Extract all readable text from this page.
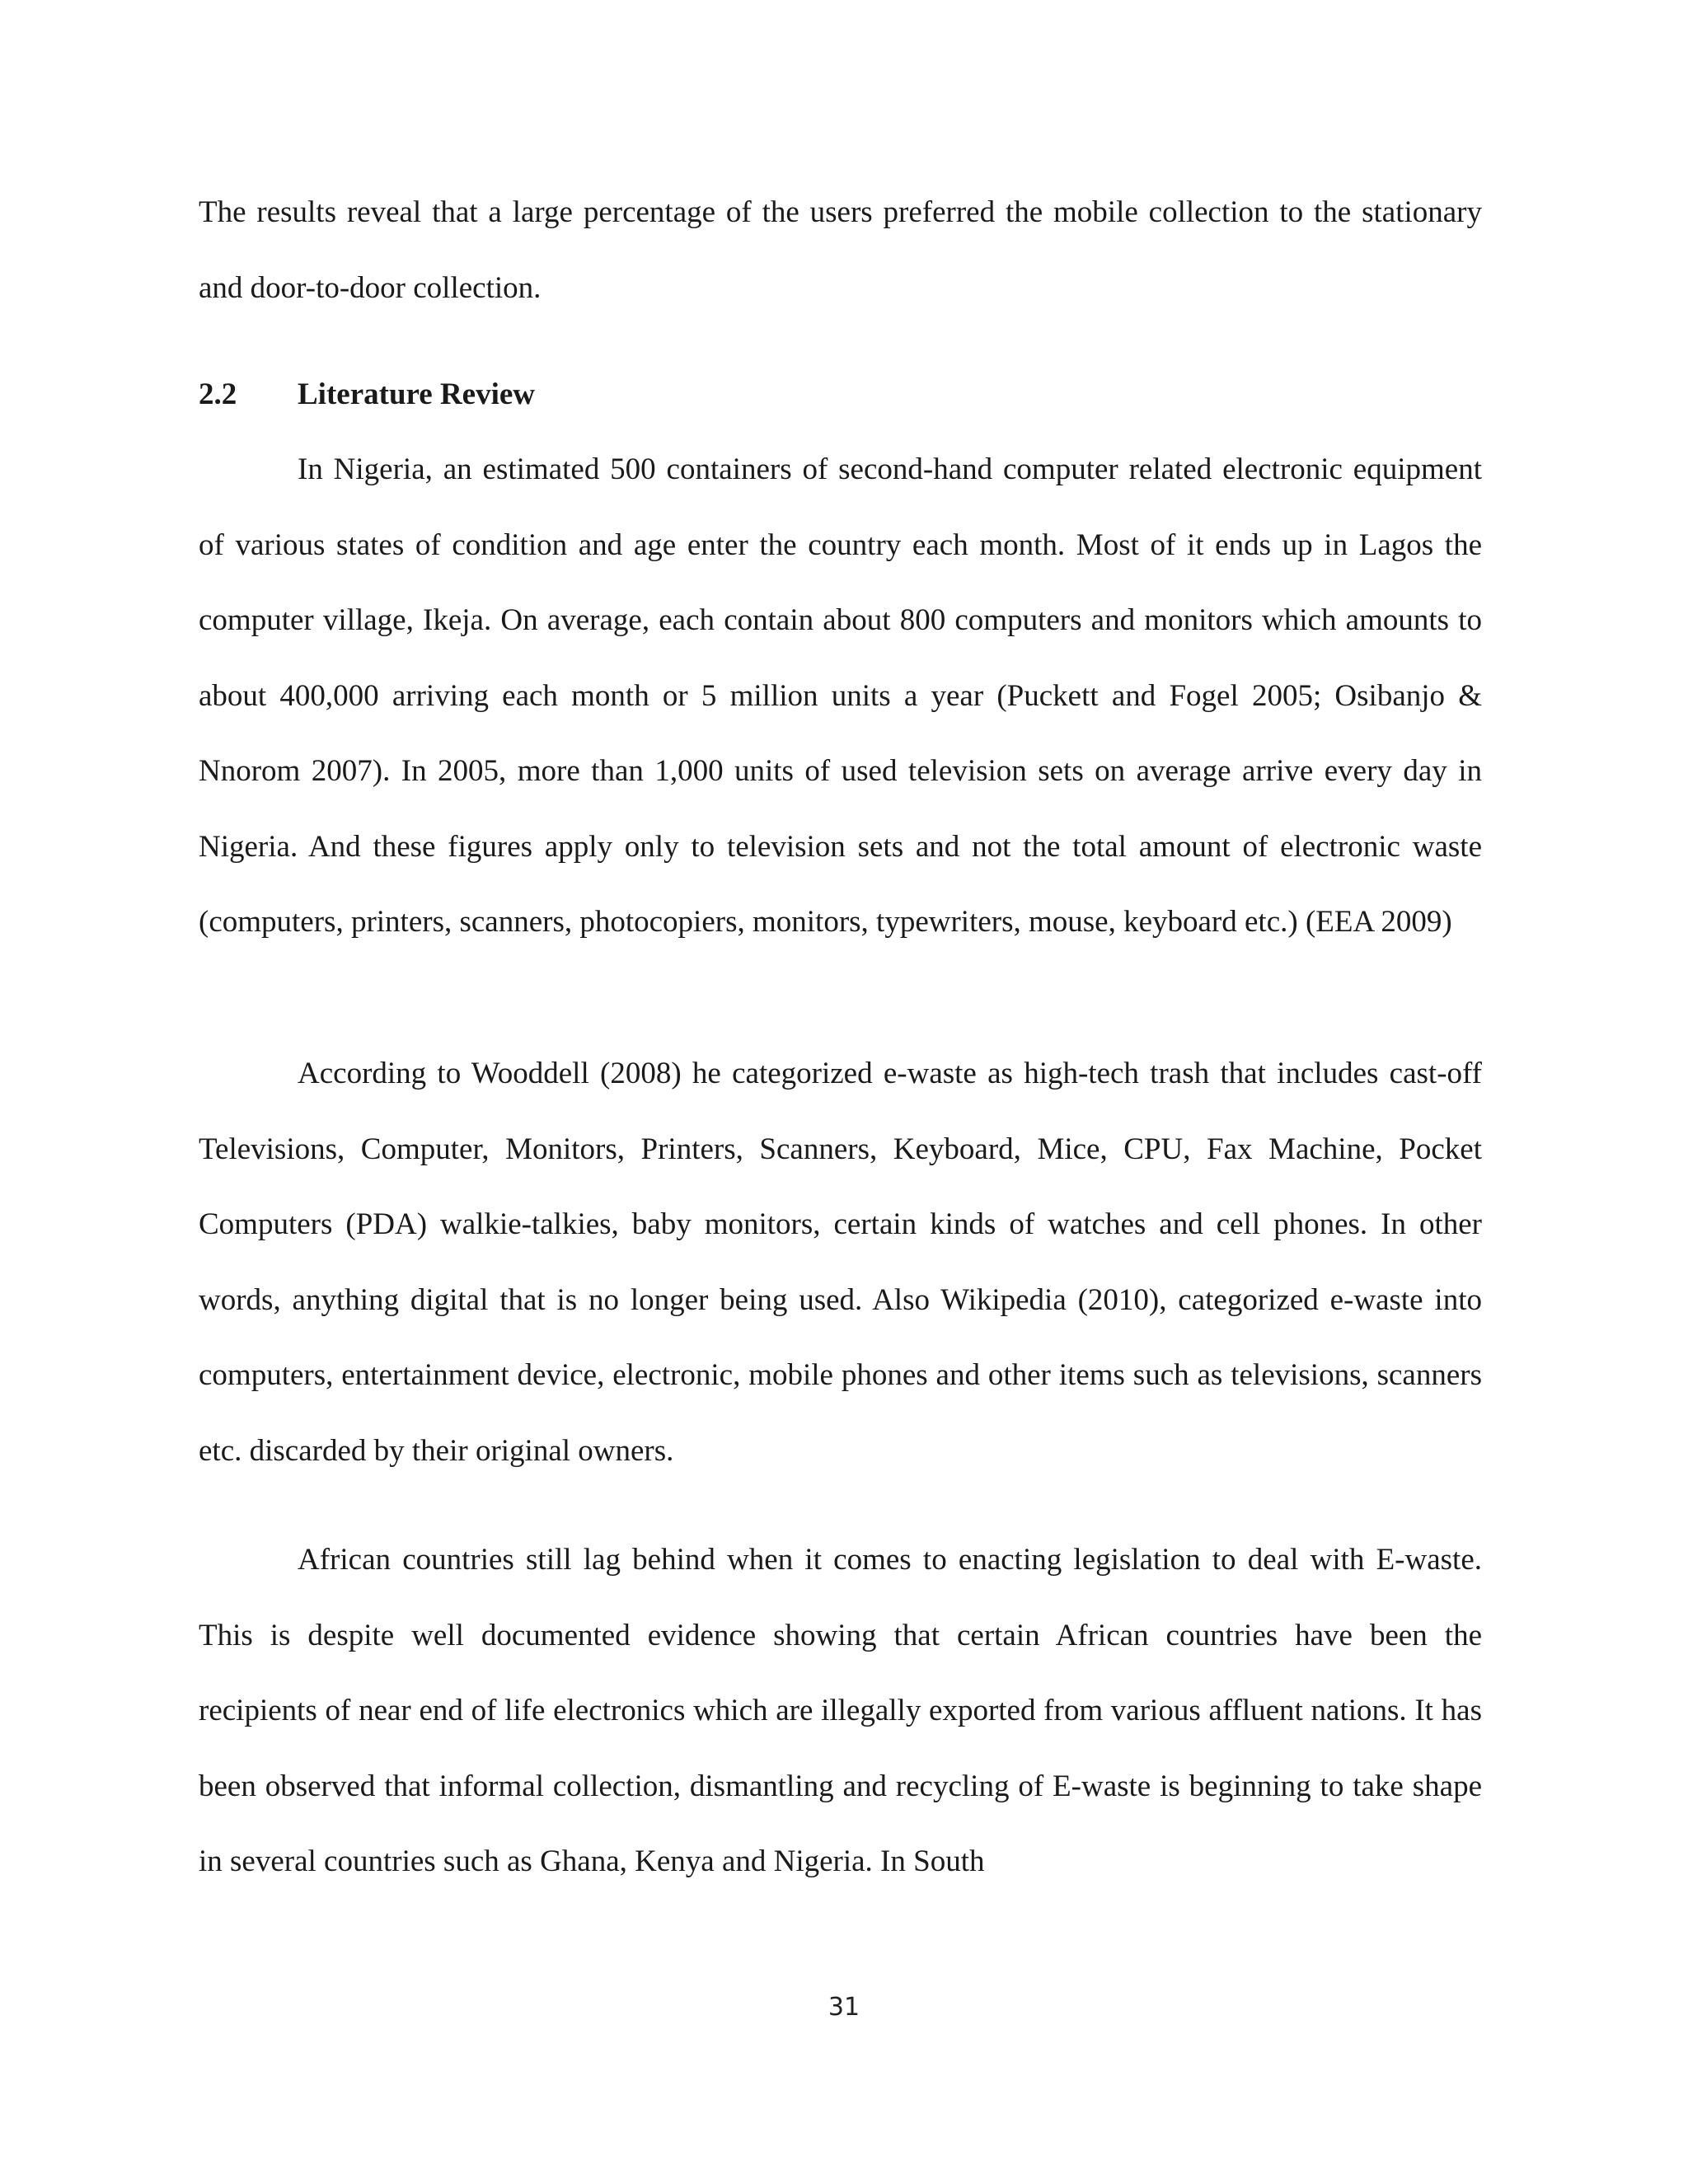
The results reveal that a large percentage of the users preferred the mobile collection to the stationary and door-to-door collection.

2.2 Literature Review

In Nigeria, an estimated 500 containers of second-hand computer related electronic equipment of various states of condition and age enter the country each month. Most of it ends up in Lagos the computer village, Ikeja. On average, each contain about 800 computers and monitors which amounts to about 400,000 arriving each month or 5 million units a year (Puckett and Fogel 2005; Osibanjo & Nnorom 2007). In 2005, more than 1,000 units of used television sets on average arrive every day in Nigeria. And these figures apply only to television sets and not the total amount of electronic waste (computers, printers, scanners, photocopiers, monitors, typewriters, mouse, keyboard etc.) (EEA 2009)

According to Wooddell (2008) he categorized e-waste as high-tech trash that includes cast-off Televisions, Computer, Monitors, Printers, Scanners, Keyboard, Mice, CPU, Fax Machine, Pocket Computers (PDA) walkie-talkies, baby monitors, certain kinds of watches and cell phones. In other words, anything digital that is no longer being used. Also Wikipedia (2010), categorized e-waste into computers, entertainment device, electronic, mobile phones and other items such as televisions, scanners etc. discarded by their original owners.

African countries still lag behind when it comes to enacting legislation to deal with E-waste. This is despite well documented evidence showing that certain African countries have been the recipients of near end of life electronics which are illegally exported from various affluent nations. It has been observed that informal collection, dismantling and recycling of E-waste is beginning to take shape in several countries such as Ghana, Kenya and Nigeria. In South

31
